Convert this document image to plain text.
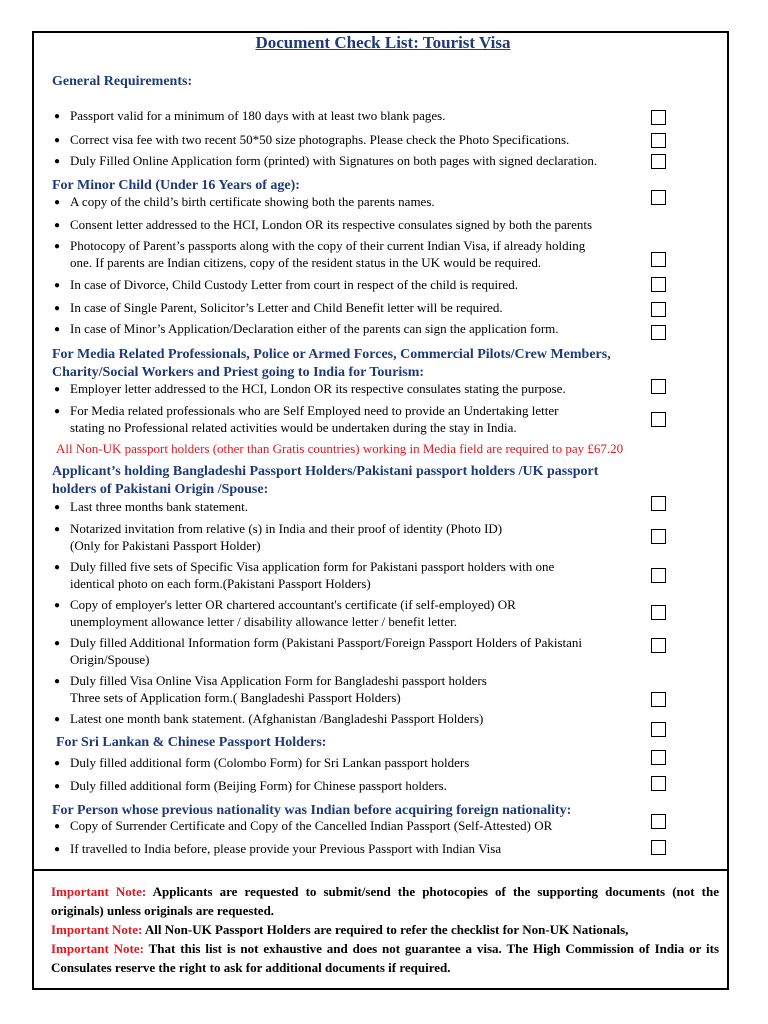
Document Check List: Tourist Visa
General Requirements:
● Passport valid for a minimum of 180 days with at least two blank pages.
● Correct visa fee with two recent 50*50 size photographs. Please check the Photo Specifications.
● Duly Filled Online Application form (printed) with Signatures on both pages with signed declaration.
For Minor Child (Under 16 Years of age):
● A copy of the child’s birth certificate showing both the parents names.
● Consent letter addressed to the HCI, London OR its respective consulates signed by both the parents
● Photocopy of Parent’s passports along with the copy of their current Indian Visa, if already holding
one. If parents are Indian citizens, copy of the resident status in the UK would be required.
● In case of Divorce, Child Custody Letter from court in respect of the child is required.
● In case of Single Parent, Solicitor’s Letter and Child Benefit letter will be required.
● In case of Minor’s Application/Declaration either of the parents can sign the application form.
For Media Related Professionals, Police or Armed Forces, Commercial Pilots/Crew Members,
Charity/Social Workers and Priest going to India for Tourism:
● Employer letter addressed to the HCI, London OR its respective consulates stating the purpose.
● For Media related professionals who are Self Employed need to provide an Undertaking letter
stating no Professional related activities would be undertaken during the stay in India.
All Non-UK passport holders (other than Gratis countries) working in Media field are required to pay £67.20
Applicant’s holding Bangladeshi Passport Holders/Pakistani passport holders /UK passport
holders of Pakistani Origin /Spouse:
● Last three months bank statement.
● Notarized invitation from relative (s) in India and their proof of identity (Photo ID)
(Only for Pakistani Passport Holder)
● Duly filled five sets of Specific Visa application form for Pakistani passport holders with one
identical photo on each form.(Pakistani Passport Holders)
● Copy of employer's letter OR chartered accountant's certificate (if self-employed) OR
unemployment allowance letter / disability allowance letter / benefit letter.
● Duly filled Additional Information form (Pakistani Passport/Foreign Passport Holders of Pakistani
Origin/Spouse)
● Duly filled Visa Online Visa Application Form for Bangladeshi passport holders
Three sets of Application form.( Bangladeshi Passport Holders)
● Latest one month bank statement. (Afghanistan /Bangladeshi Passport Holders)
For Sri Lankan & Chinese Passport Holders:
● Duly filled additional form (Colombo Form) for Sri Lankan passport holders
● Duly filled additional form (Beijing Form) for Chinese passport holders.
For Person whose previous nationality was Indian before acquiring foreign nationality:
● Copy of Surrender Certificate and Copy of the Cancelled Indian Passport (Self-Attested) OR
● If travelled to India before, please provide your Previous Passport with Indian Visa
Important Note: Applicants are requested to submit/send the photocopies of the supporting documents (not the originals) unless originals are requested.
Important Note: All Non-UK Passport Holders are required to refer the checklist for Non-UK Nationals,
Important Note: That this list is not exhaustive and does not guarantee a visa. The High Commission of India or its Consulates reserve the right to ask for additional documents if required.
